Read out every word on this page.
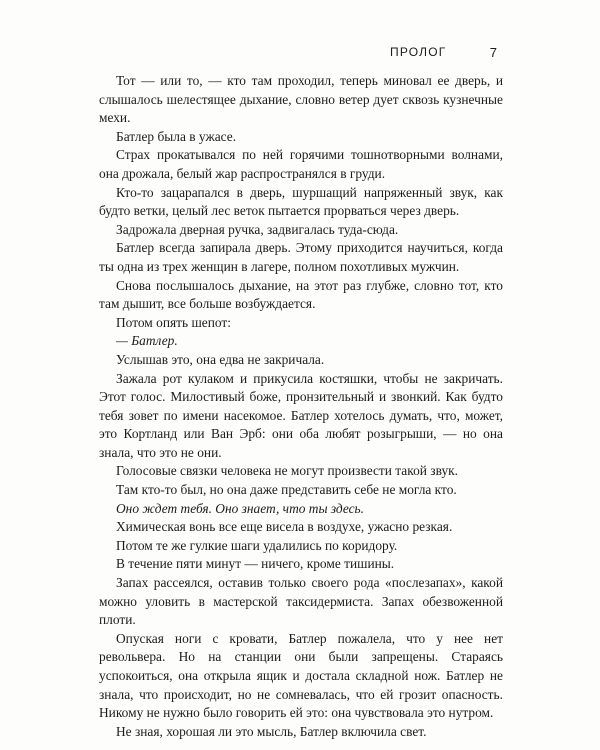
ПРОЛОГ	7

Тот — или то, — кто там проходил, теперь миновал ее дверь, и слышалось шелестящее дыхание, словно ветер дует сквозь кузнечные мехи.

Батлер была в ужасе.

Страх прокатывался по ней горячими тошнотворными волнами, она дрожала, белый жар распространялся в груди.

Кто-то зацарапался в дверь, шуршащий напряженный звук, как будто ветки, целый лес веток пытается прорваться через дверь.

Задрожала дверная ручка, задвигалась туда-сюда.

Батлер всегда запирала дверь. Этому приходится научиться, когда ты одна из трех женщин в лагере, полном похотливых мужчин.

Снова послышалось дыхание, на этот раз глубже, словно тот, кто там дышит, все больше возбуждается.

Потом опять шепот:

— Батлер.

Услышав это, она едва не закричала.

Зажала рот кулаком и прикусила костяшки, чтобы не закричать. Этот голос. Милостивый боже, пронзительный и звонкий. Как будто тебя зовет по имени насекомое. Батлер хотелось думать, что, может, это Кортланд или Ван Эрб: они оба любят розыгрыши, — но она знала, что это не они.

Голосовые связки человека не могут произвести такой звук.

Там кто-то был, но она даже представить себе не могла кто.

Оно ждет тебя. Оно знает, что ты здесь.

Химическая вонь все еще висела в воздухе, ужасно резкая.

Потом те же гулкие шаги удалились по коридору.

В течение пяти минут — ничего, кроме тишины.

Запах рассеялся, оставив только своего рода «послезапах», какой можно уловить в мастерской таксидермиста. Запах обезвоженной плоти.

Опуская ноги с кровати, Батлер пожалела, что у нее нет револьвера. Но на станции они были запрещены. Стараясь успокоиться, она открыла ящик и достала складной нож. Батлер не знала, что происходит, но не сомневалась, что ей грозит опасность. Никому не нужно было говорить ей это: она чувствовала это нутром.

Не зная, хорошая ли это мысль, Батлер включила свет.
